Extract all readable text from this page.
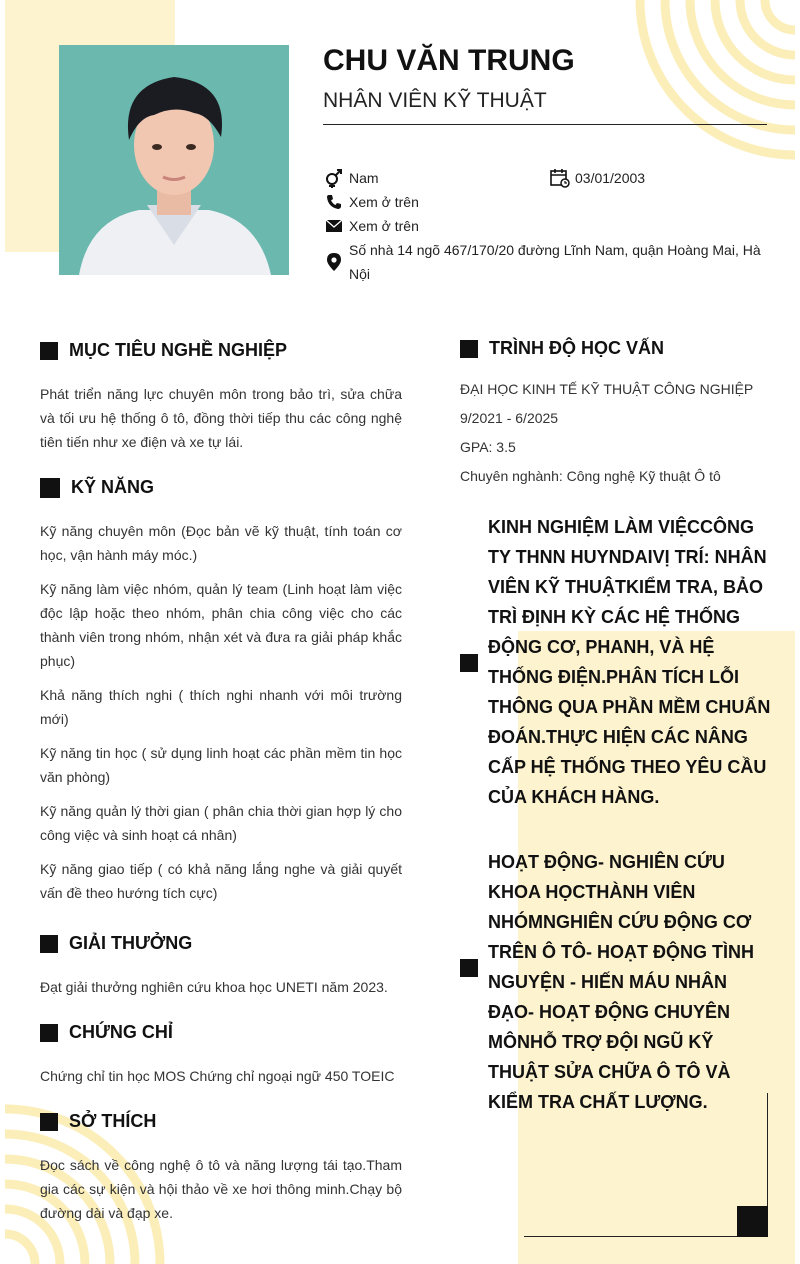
CHU VĂN TRUNG
NHÂN VIÊN KỸ THUẬT
Nam	03/01/2003
Xem ở trên
Xem ở trên
Số nhà 14 ngõ 467/170/20 đường Lĩnh Nam, quận Hoàng Mai, Hà Nội
MỤC TIÊU NGHỀ NGHIỆP
Phát triển năng lực chuyên môn trong bảo trì, sửa chữa và tối ưu hệ thống ô tô, đồng thời tiếp thu các công nghệ tiên tiến như xe điện và xe tự lái.
KỸ NĂNG
Kỹ năng chuyên môn (Đọc bản vẽ kỹ thuật, tính toán cơ học, vận hành máy móc.)
Kỹ năng làm việc nhóm, quản lý team (Linh hoạt làm việc độc lập hoặc theo nhóm, phân chia công việc cho các thành viên trong nhóm, nhận xét và đưa ra giải pháp khắc phục)
Khả năng thích nghi ( thích nghi nhanh với môi trường mới)
Kỹ năng tin học ( sử dụng linh hoạt các phần mềm tin học văn phòng)
Kỹ năng quản lý thời gian ( phân chia thời gian hợp lý cho công việc và sinh hoạt cá nhân)
Kỹ năng giao tiếp ( có khả năng lắng nghe và giải quyết vấn đề theo hướng tích cực)
GIẢI THƯỞNG
Đạt giải thưởng nghiên cứu khoa học UNETI năm 2023.
CHỨNG CHỈ
Chứng chỉ tin học MOS Chứng chỉ ngoại ngữ 450 TOEIC
SỞ THÍCH
Đọc sách về công nghệ ô tô và năng lượng tái tạo.Tham gia các sự kiện và hội thảo về xe hơi thông minh.Chạy bộ đường dài và đạp xe.
TRÌNH ĐỘ HỌC VẤN
ĐẠI HỌC KINH TẾ KỸ THUẬT CÔNG NGHIỆP
9/2021 - 6/2025
GPA: 3.5
Chuyên nghành: Công nghệ Kỹ thuật Ô tô
KINH NGHIỆM LÀM VIỆCCÔNG TY THNN HUYNDAIVỊ TRÍ: NHÂN VIÊN KỸ THUẬTKIỂM TRA, BẢO TRÌ ĐỊNH KỲ CÁC HỆ THỐNG ĐỘNG CƠ, PHANH, VÀ HỆ THỐNG ĐIỆN.PHÂN TÍCH LỖI THÔNG QUA PHẦN MỀM CHUẨN ĐOÁN.THỰC HIỆN CÁC NÂNG CẤP HỆ THỐNG THEO YÊU CẦU CỦA KHÁCH HÀNG.
HOẠT ĐỘNG- NGHIÊN CỨU KHOA HỌCTHÀNH VIÊN NHÓMNGHIÊN CỨU ĐỘNG CƠ TRÊN Ô TÔ- HOẠT ĐỘNG TÌNH NGUYỆN - HIẾN MÁU NHÂN ĐẠO- HOẠT ĐỘNG CHUYÊN MÔNHỖ TRỢ ĐỘI NGŨ KỸ THUẬT SỬA CHỮA Ô TÔ VÀ KIỂM TRA CHẤT LƯỢNG.
